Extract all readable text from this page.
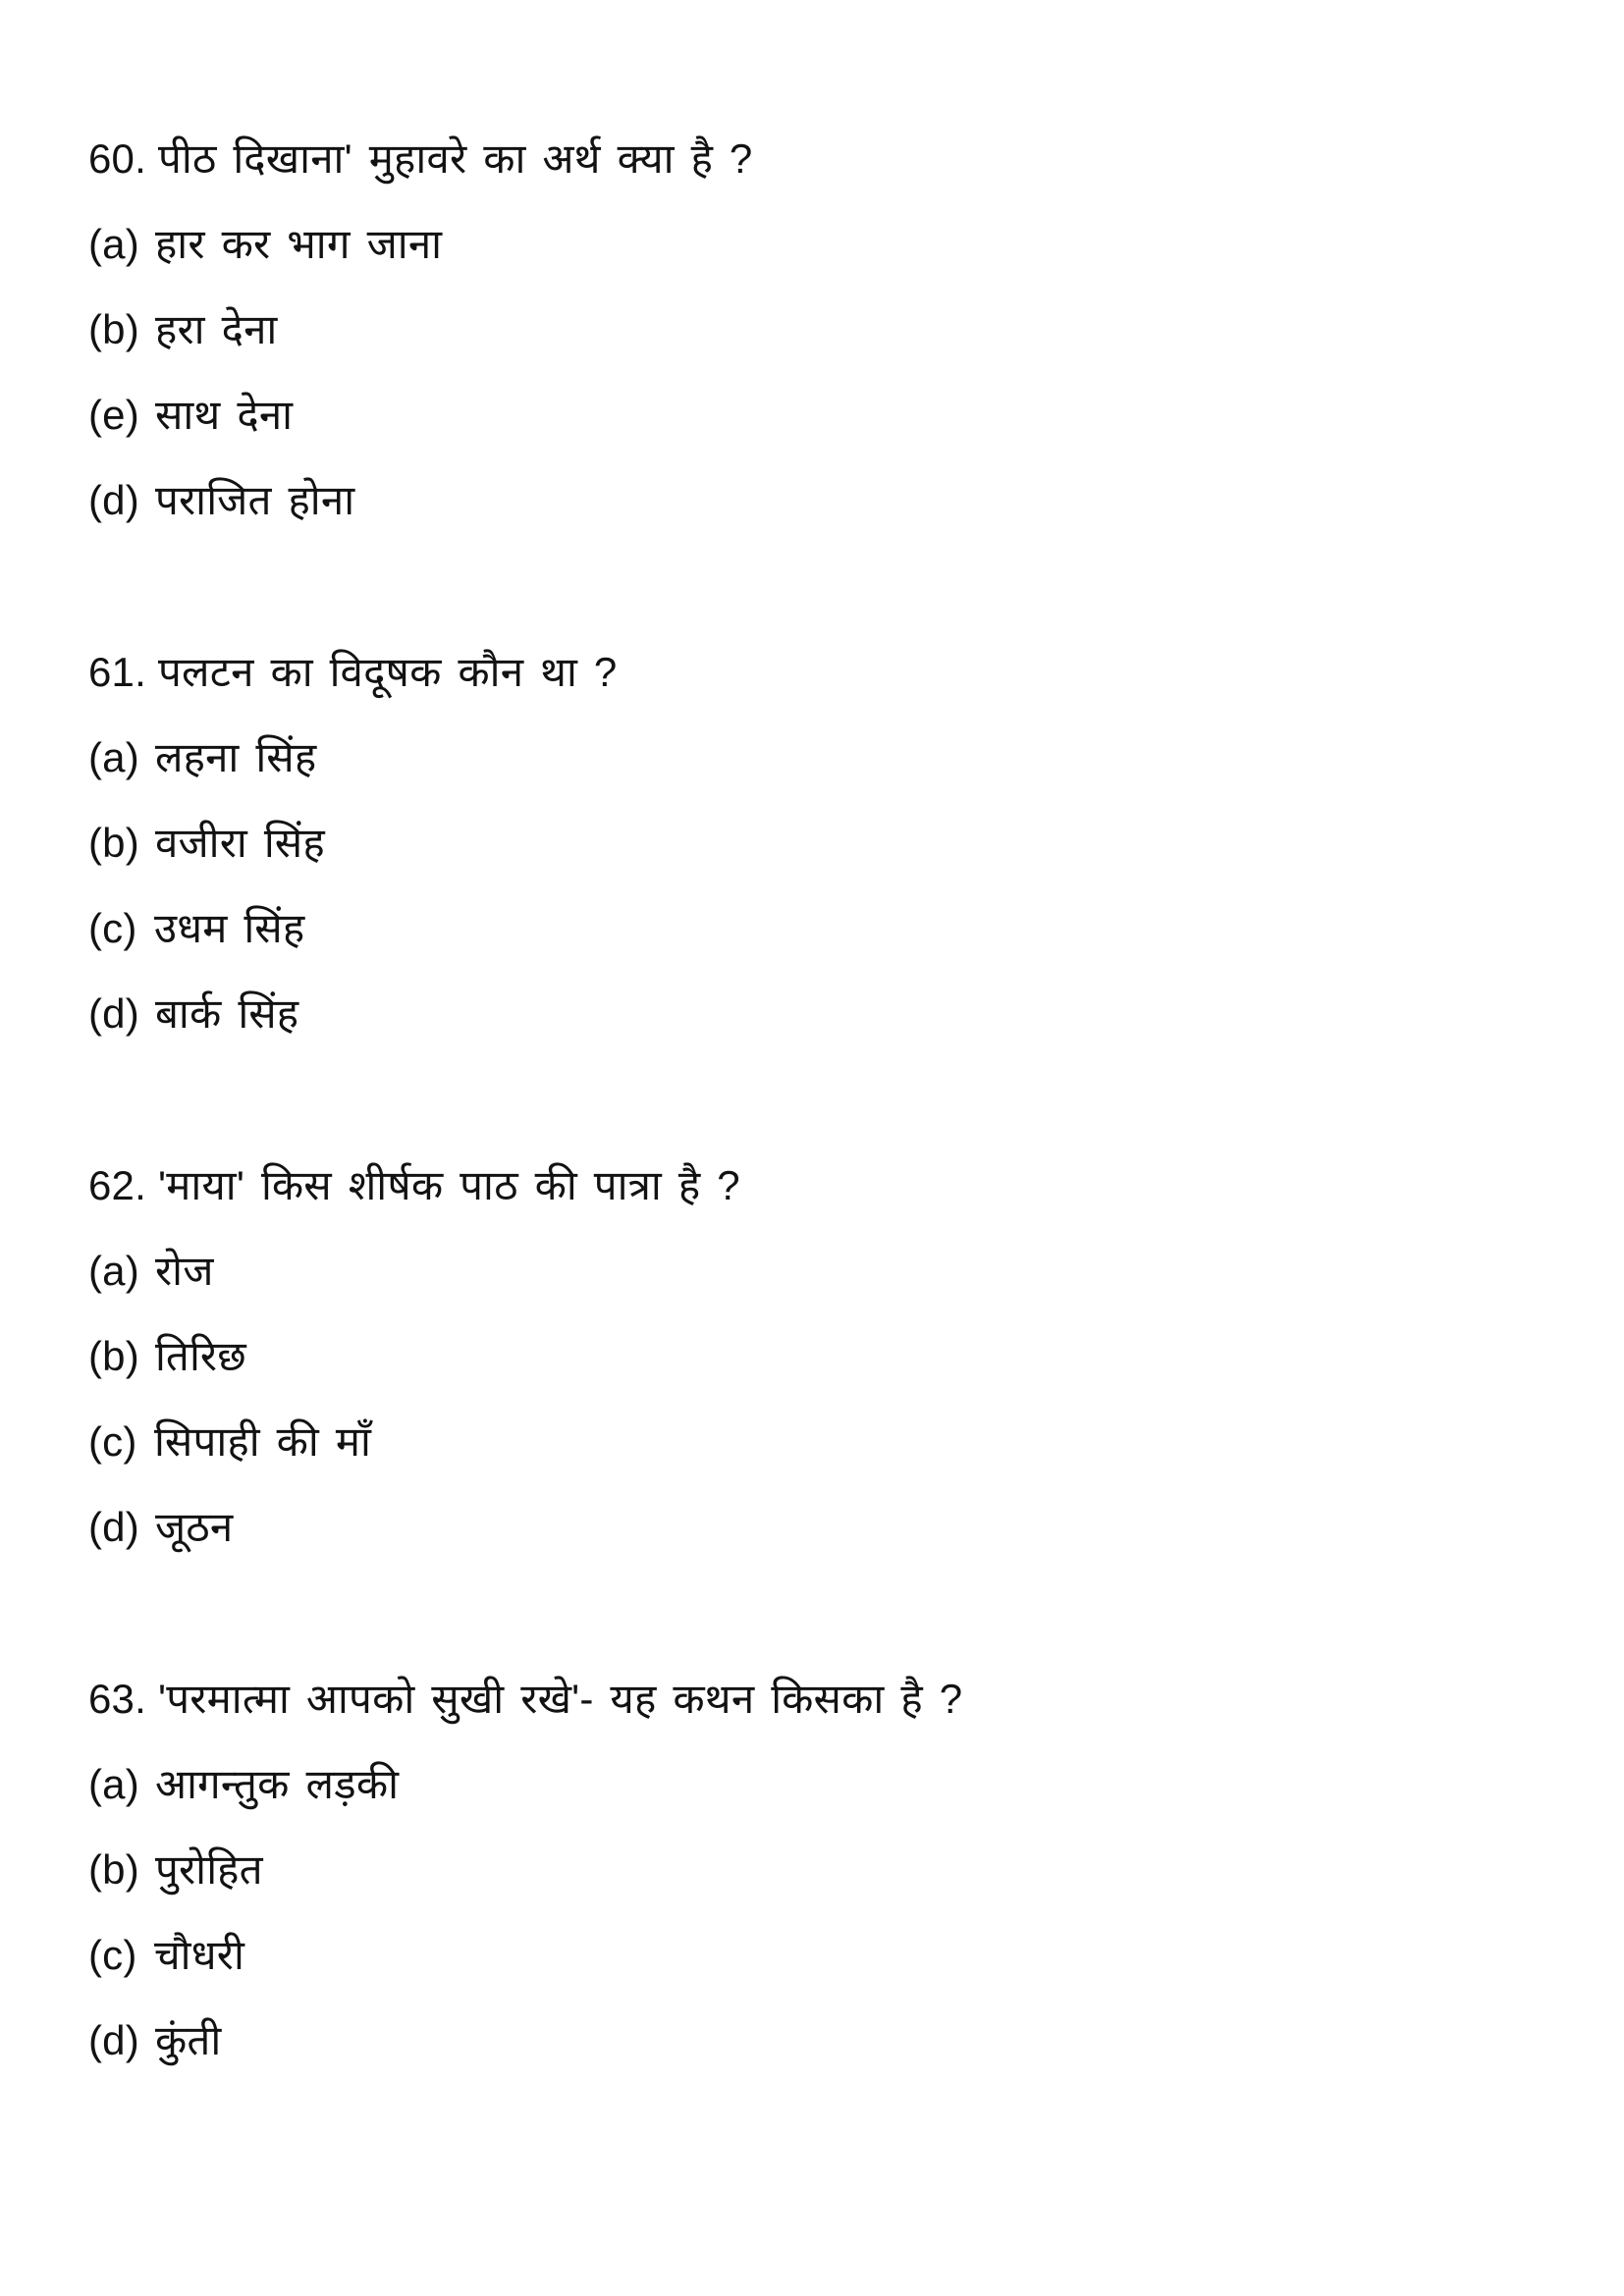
60. पीठ दिखाना' मुहावरे का अर्थ क्या है ?
(a) हार कर भाग जाना
(b) हरा देना
(e) साथ देना
(d) पराजित होना
61. पलटन का विदूषक कौन था ?
(a) लहना सिंह
(b) वजीरा सिंह
(c) उधम सिंह
(d) बार्क सिंह
62. 'माया' किस शीर्षक पाठ की पात्रा है ?
(a) रोज
(b) तिरिछ
(c) सिपाही की माँ
(d) जूठन
63. 'परमात्मा आपको सुखी रखे'- यह कथन किसका है ?
(a) आगन्तुक लड़की
(b) पुरोहित
(c) चौधरी
(d) कुंती
